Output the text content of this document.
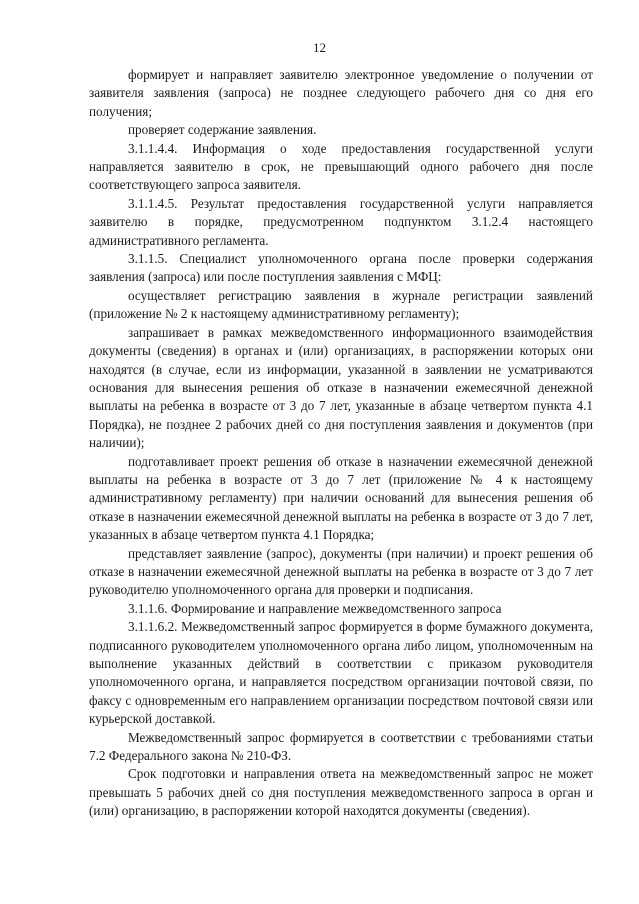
12

формирует и направляет заявителю электронное уведомление о получении от заявителя заявления (запроса) не позднее следующего рабочего дня со дня его получения;

проверяет содержание заявления.

3.1.1.4.4. Информация о ходе предоставления государственной услуги направляется заявителю в срок, не превышающий одного рабочего дня после соответствующего запроса заявителя.

3.1.1.4.5. Результат предоставления государственной услуги направляется заявителю в порядке, предусмотренном подпунктом 3.1.2.4 настоящего административного регламента.

3.1.1.5. Специалист уполномоченного органа после проверки содержания заявления (запроса) или после поступления заявления с МФЦ:

осуществляет регистрацию заявления в журнале регистрации заявлений (приложение № 2 к настоящему административному регламенту);

запрашивает в рамках межведомственного информационного взаимодействия документы (сведения) в органах и (или) организациях, в распоряжении которых они находятся (в случае, если из информации, указанной в заявлении не усматриваются основания для вынесения решения об отказе в назначении ежемесячной денежной выплаты на ребенка в возрасте от 3 до 7 лет, указанные в абзаце четвертом пункта 4.1 Порядка), не позднее 2 рабочих дней со дня поступления заявления и документов (при наличии);

подготавливает проект решения об отказе в назначении ежемесячной денежной выплаты на ребенка в возрасте от 3 до 7 лет (приложение № 4 к настоящему административному регламенту) при наличии оснований для вынесения решения об отказе в назначении ежемесячной денежной выплаты на ребенка в возрасте от 3 до 7 лет, указанных в абзаце четвертом пункта 4.1 Порядка;

представляет заявление (запрос), документы (при наличии) и проект решения об отказе в назначении ежемесячной денежной выплаты на ребенка в возрасте от 3 до 7 лет руководителю уполномоченного органа для проверки и подписания.

3.1.1.6. Формирование и направление межведомственного запроса

3.1.1.6.2. Межведомственный запрос формируется в форме бумажного документа, подписанного руководителем уполномоченного органа либо лицом, уполномоченным на выполнение указанных действий в соответствии с приказом руководителя уполномоченного органа, и направляется посредством организации почтовой связи, по факсу с одновременным его направлением организации посредством почтовой связи или курьерской доставкой.

Межведомственный запрос формируется в соответствии с требованиями статьи 7.2 Федерального закона № 210-ФЗ.

Срок подготовки и направления ответа на межведомственный запрос не может превышать 5 рабочих дней со дня поступления межведомственного запроса в орган и (или) организацию, в распоряжении которой находятся документы (сведения).
